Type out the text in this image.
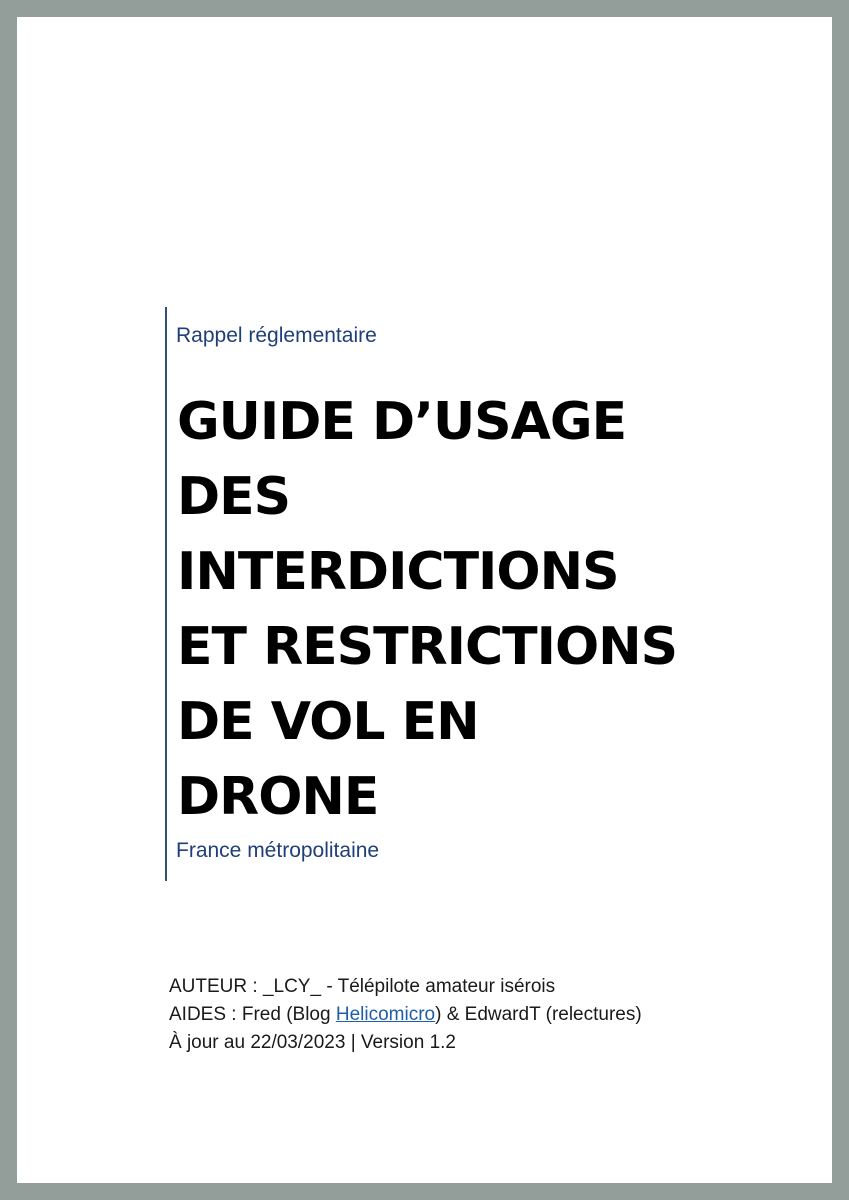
Rappel réglementaire
GUIDE D’USAGE
DES
INTERDICTIONS
ET RESTRICTIONS
DE VOL EN
DRONE
France métropolitaine
AUTEUR : _LCY_ - Télépilote amateur isérois
AIDES : Fred (Blog Helicomicro) & EdwardT (relectures)
À jour au 22/03/2023 | Version 1.2
